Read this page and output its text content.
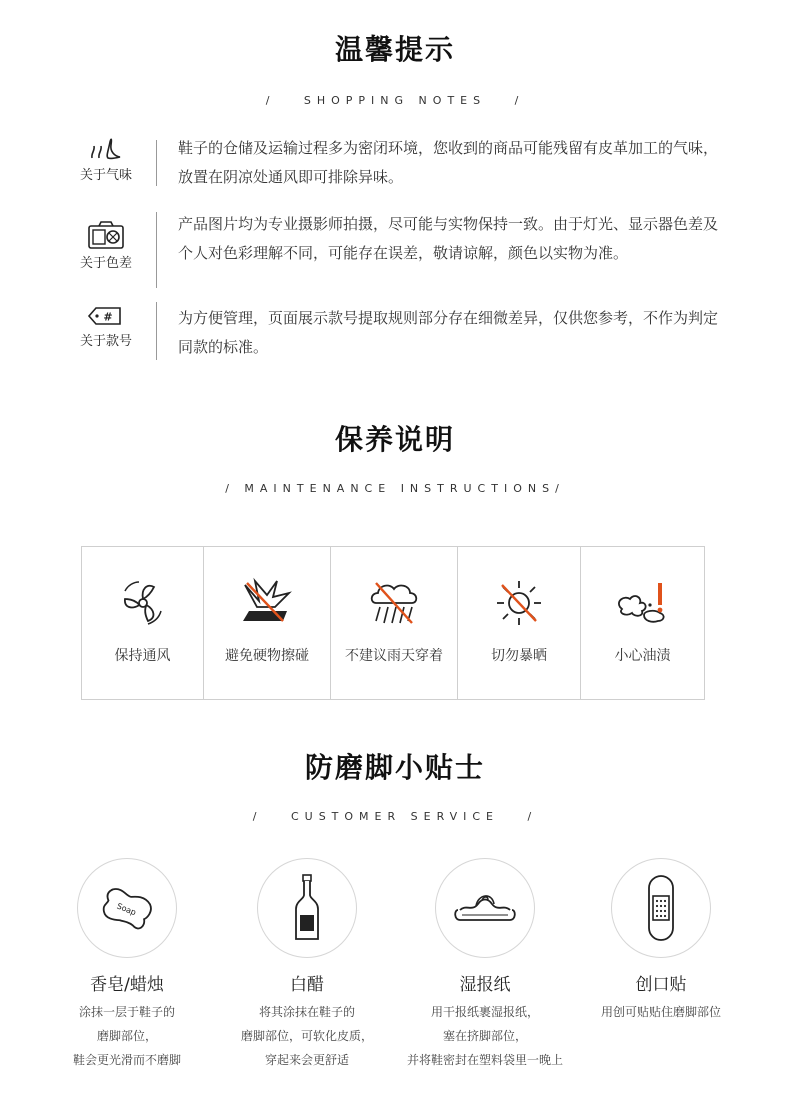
温馨提示
/   SHOPPING NOTES   /
关于气味
鞋子的仓储及运输过程多为密闭环境，您收到的商品可能残留有皮革加工的气味，放置在阴凉处通风即可排除异味。
关于色差
产品图片均为专业摄影师拍摄，尽可能与实物保持一致。由于灯光、显示器色差及个人对色彩理解不同，可能存在误差，敬请谅解，颜色以实物为准。
#
关于款号
为方便管理，页面展示款号提取规则部分存在细微差异，仅供您参考，不作为判定同款的标准。
保养说明
/ MAINTENANCE INSTRUCTIONS/
保持通风	避免硬物擦碰	不建议雨天穿着	切勿暴晒	小心油渍
防磨脚小贴士
/   CUSTOMER SERVICE   /
Soap
香皂/蜡烛
涂抹一层于鞋子的
磨脚部位，
鞋会更光滑而不磨脚
白醋
将其涂抹在鞋子的
磨脚部位，可软化皮质，
穿起来会更舒适
湿报纸
用干报纸裹湿报纸，
塞在挤脚部位，
并将鞋密封在塑料袋里一晚上
创口贴
用创可贴贴住磨脚部位
